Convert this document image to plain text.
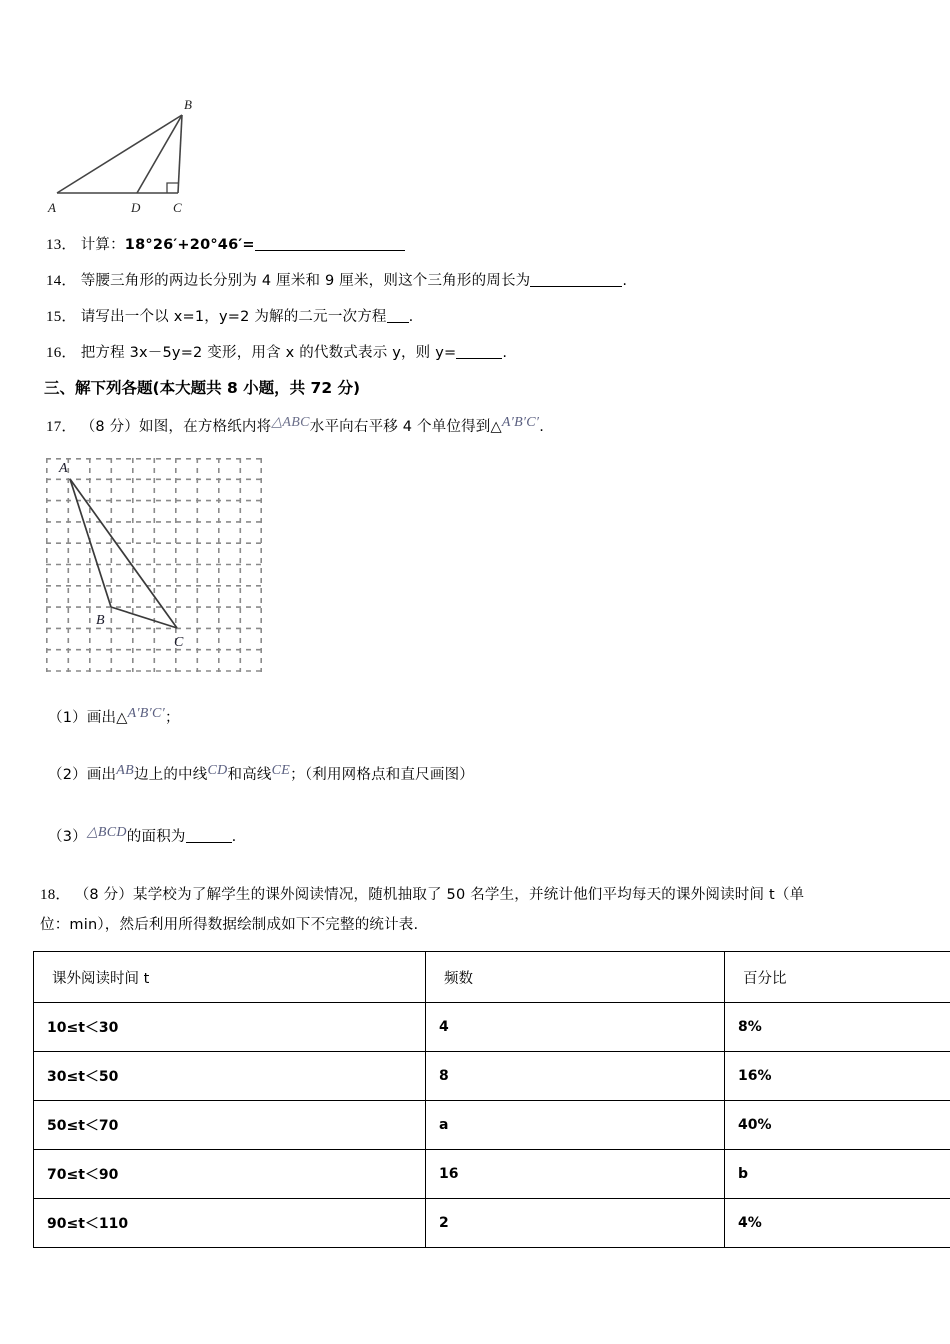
B
A	D	C
13． 计算：18°26′+20°46′=
14． 等腰三角形的两边长分别为 4 厘米和 9 厘米，则这个三角形的周长为	.
15． 请写出一个以 x=1，y=2 为解的二元一次方程 .
16． 把方程 3x－5y=2 变形，用含 x 的代数式表示 y，则 y=	.
三、解下列各题(本大题共 8 小题，共 72 分)
17． （8 分）如图，在方格纸内将△ABC水平向右平移 4 个单位得到△A′B′C′.
A
B
C
（1）画出△A′B′C′；
（2）画出AB边上的中线CD和高线CE；（利用网格点和直尺画图）
（3）△BCD的面积为	.
18． （8 分）某学校为了解学生的课外阅读情况，随机抽取了 50 名学生，并统计他们平均每天的课外阅读时间 t（单
位：min），然后利用所得数据绘制成如下不完整的统计表.
课外阅读时间 t	频数	百分比
10≤t＜30	4	8%
30≤t＜50	8	16%
50≤t＜70	a	40%
70≤t＜90	16	b
90≤t＜110	2	4%
